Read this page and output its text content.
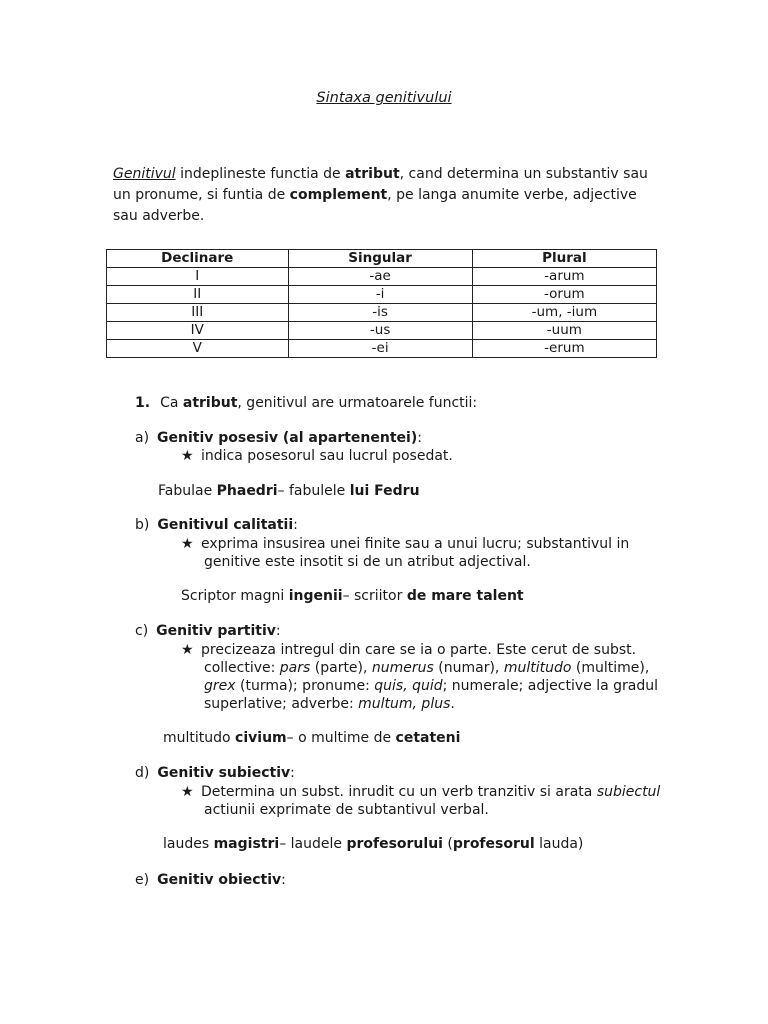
Sintaxa genitivului
Genitivul indeplineste functia de atribut, cand determina un substantiv sau un pronume, si funtia de complement, pe langa anumite verbe, adjective sau adverbe.
Declinare	Singular	Plural
I	-ae	-arum
II	-i	-orum
III	-is	-um, -ium
IV	-us	-uum
V	-ei	-erum
1. Ca atribut, genitivul are urmatoarele functii:
a) Genitiv posesiv (al apartenentei):
★ indica posesorul sau lucrul posedat.
Fabulae Phaedri– fabulele lui Fedru
b) Genitivul calitatii:
★ exprima insusirea unei finite sau a unui lucru; substantivul in
genitive este insotit si de un atribut adjectival.
Scriptor magni ingenii– scriitor de mare talent
c) Genitiv partitiv:
★ precizeaza intregul din care se ia o parte. Este cerut de subst.
collective: pars (parte), numerus (numar), multitudo (multime),
grex (turma); pronume: quis, quid; numerale; adjective la gradul
superlative; adverbe: multum, plus.
multitudo civium– o multime de cetateni
d) Genitiv subiectiv:
★ Determina un subst. inrudit cu un verb tranzitiv si arata subiectul
actiunii exprimate de subtantivul verbal.
laudes magistri– laudele profesorului (profesorul lauda)
e) Genitiv obiectiv:
